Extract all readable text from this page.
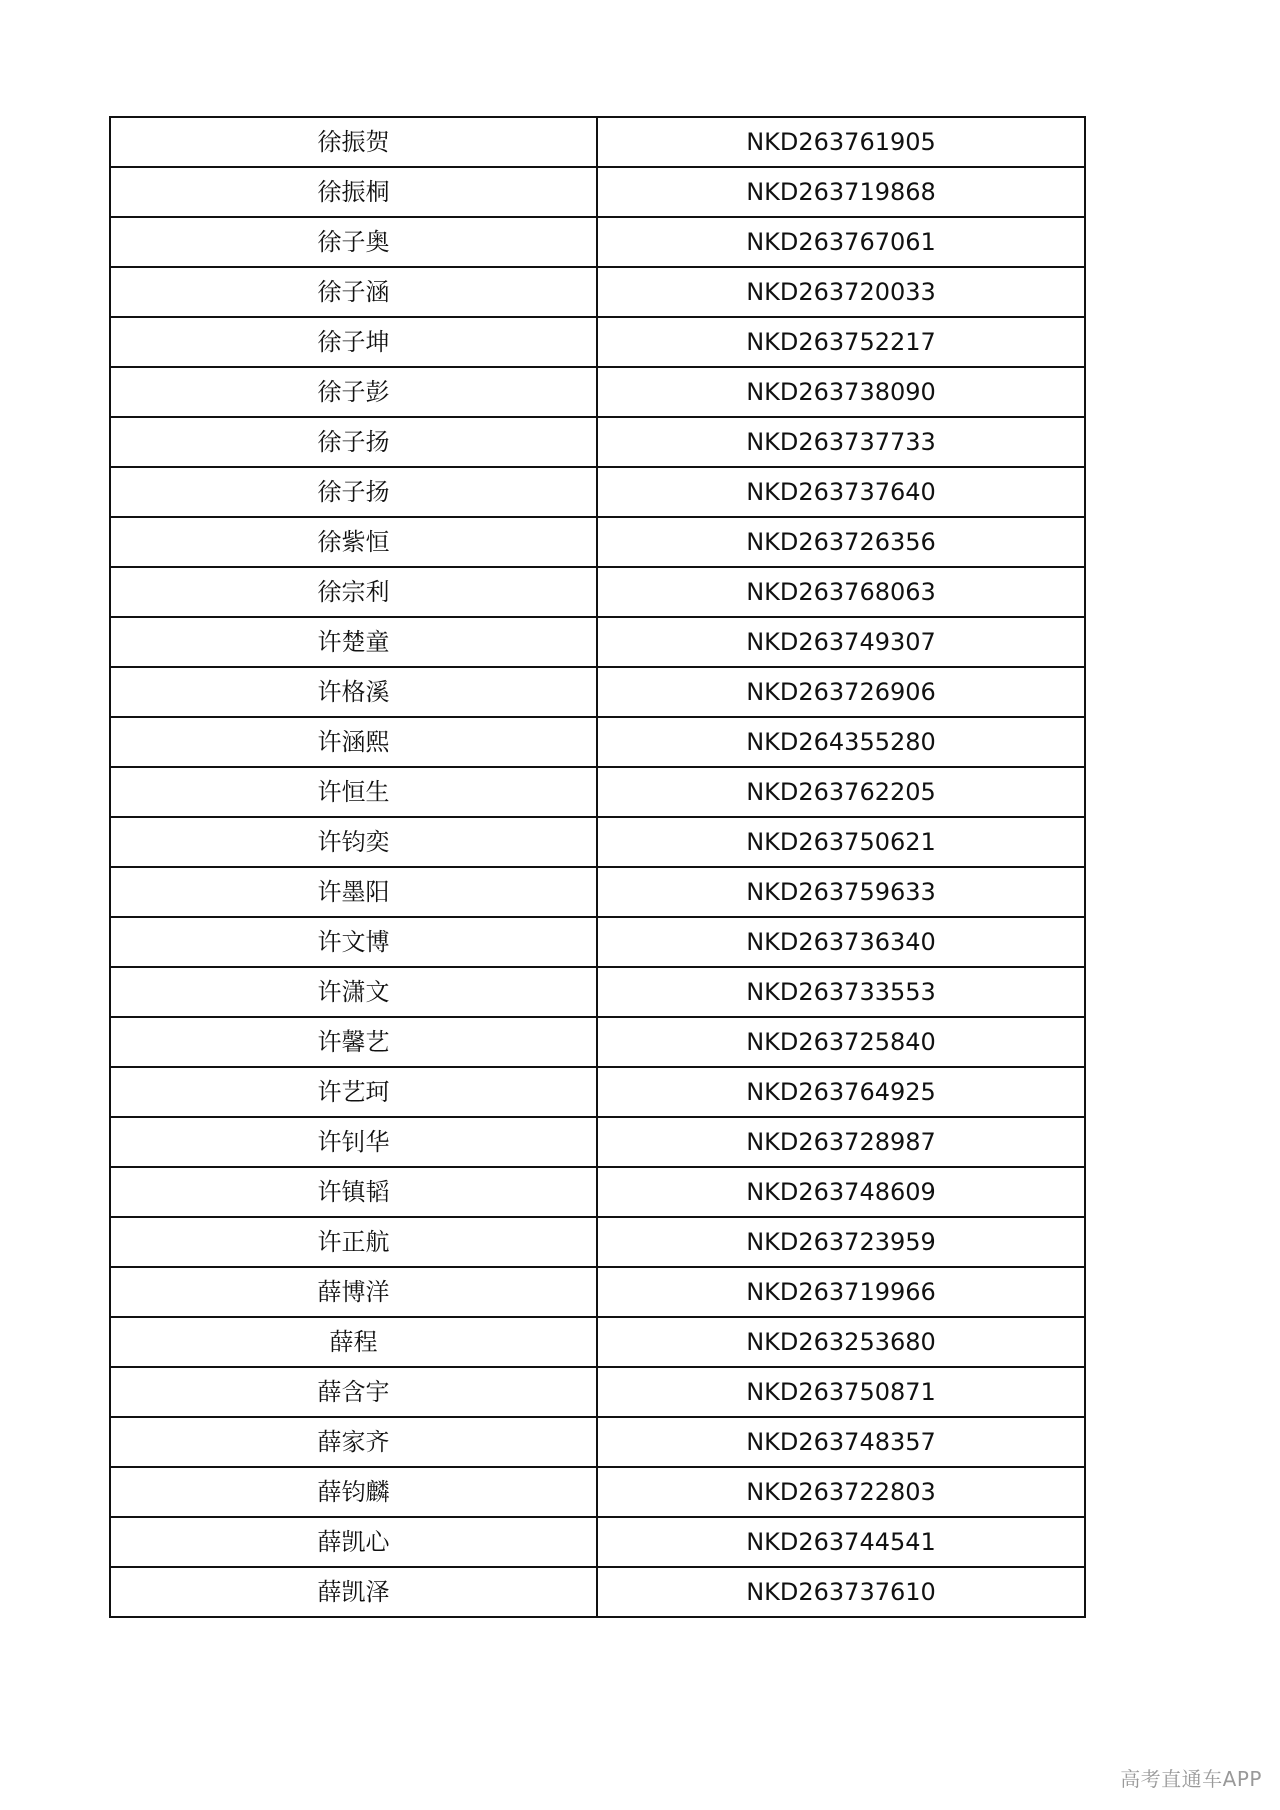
徐振贺	NKD263761905
徐振桐	NKD263719868
徐子奥	NKD263767061
徐子涵	NKD263720033
徐子坤	NKD263752217
徐子彭	NKD263738090
徐子扬	NKD263737733
徐子扬	NKD263737640
徐紫恒	NKD263726356
徐宗利	NKD263768063
许楚童	NKD263749307
许格溪	NKD263726906
许涵熙	NKD264355280
许恒生	NKD263762205
许钧奕	NKD263750621
许墨阳	NKD263759633
许文博	NKD263736340
许潇文	NKD263733553
许馨艺	NKD263725840
许艺珂	NKD263764925
许钊华	NKD263728987
许镇韬	NKD263748609
许正航	NKD263723959
薛博洋	NKD263719966
薛程	NKD263253680
薛含宇	NKD263750871
薛家齐	NKD263748357
薛钧麟	NKD263722803
薛凯心	NKD263744541
薛凯泽	NKD263737610
高考直通车APP
